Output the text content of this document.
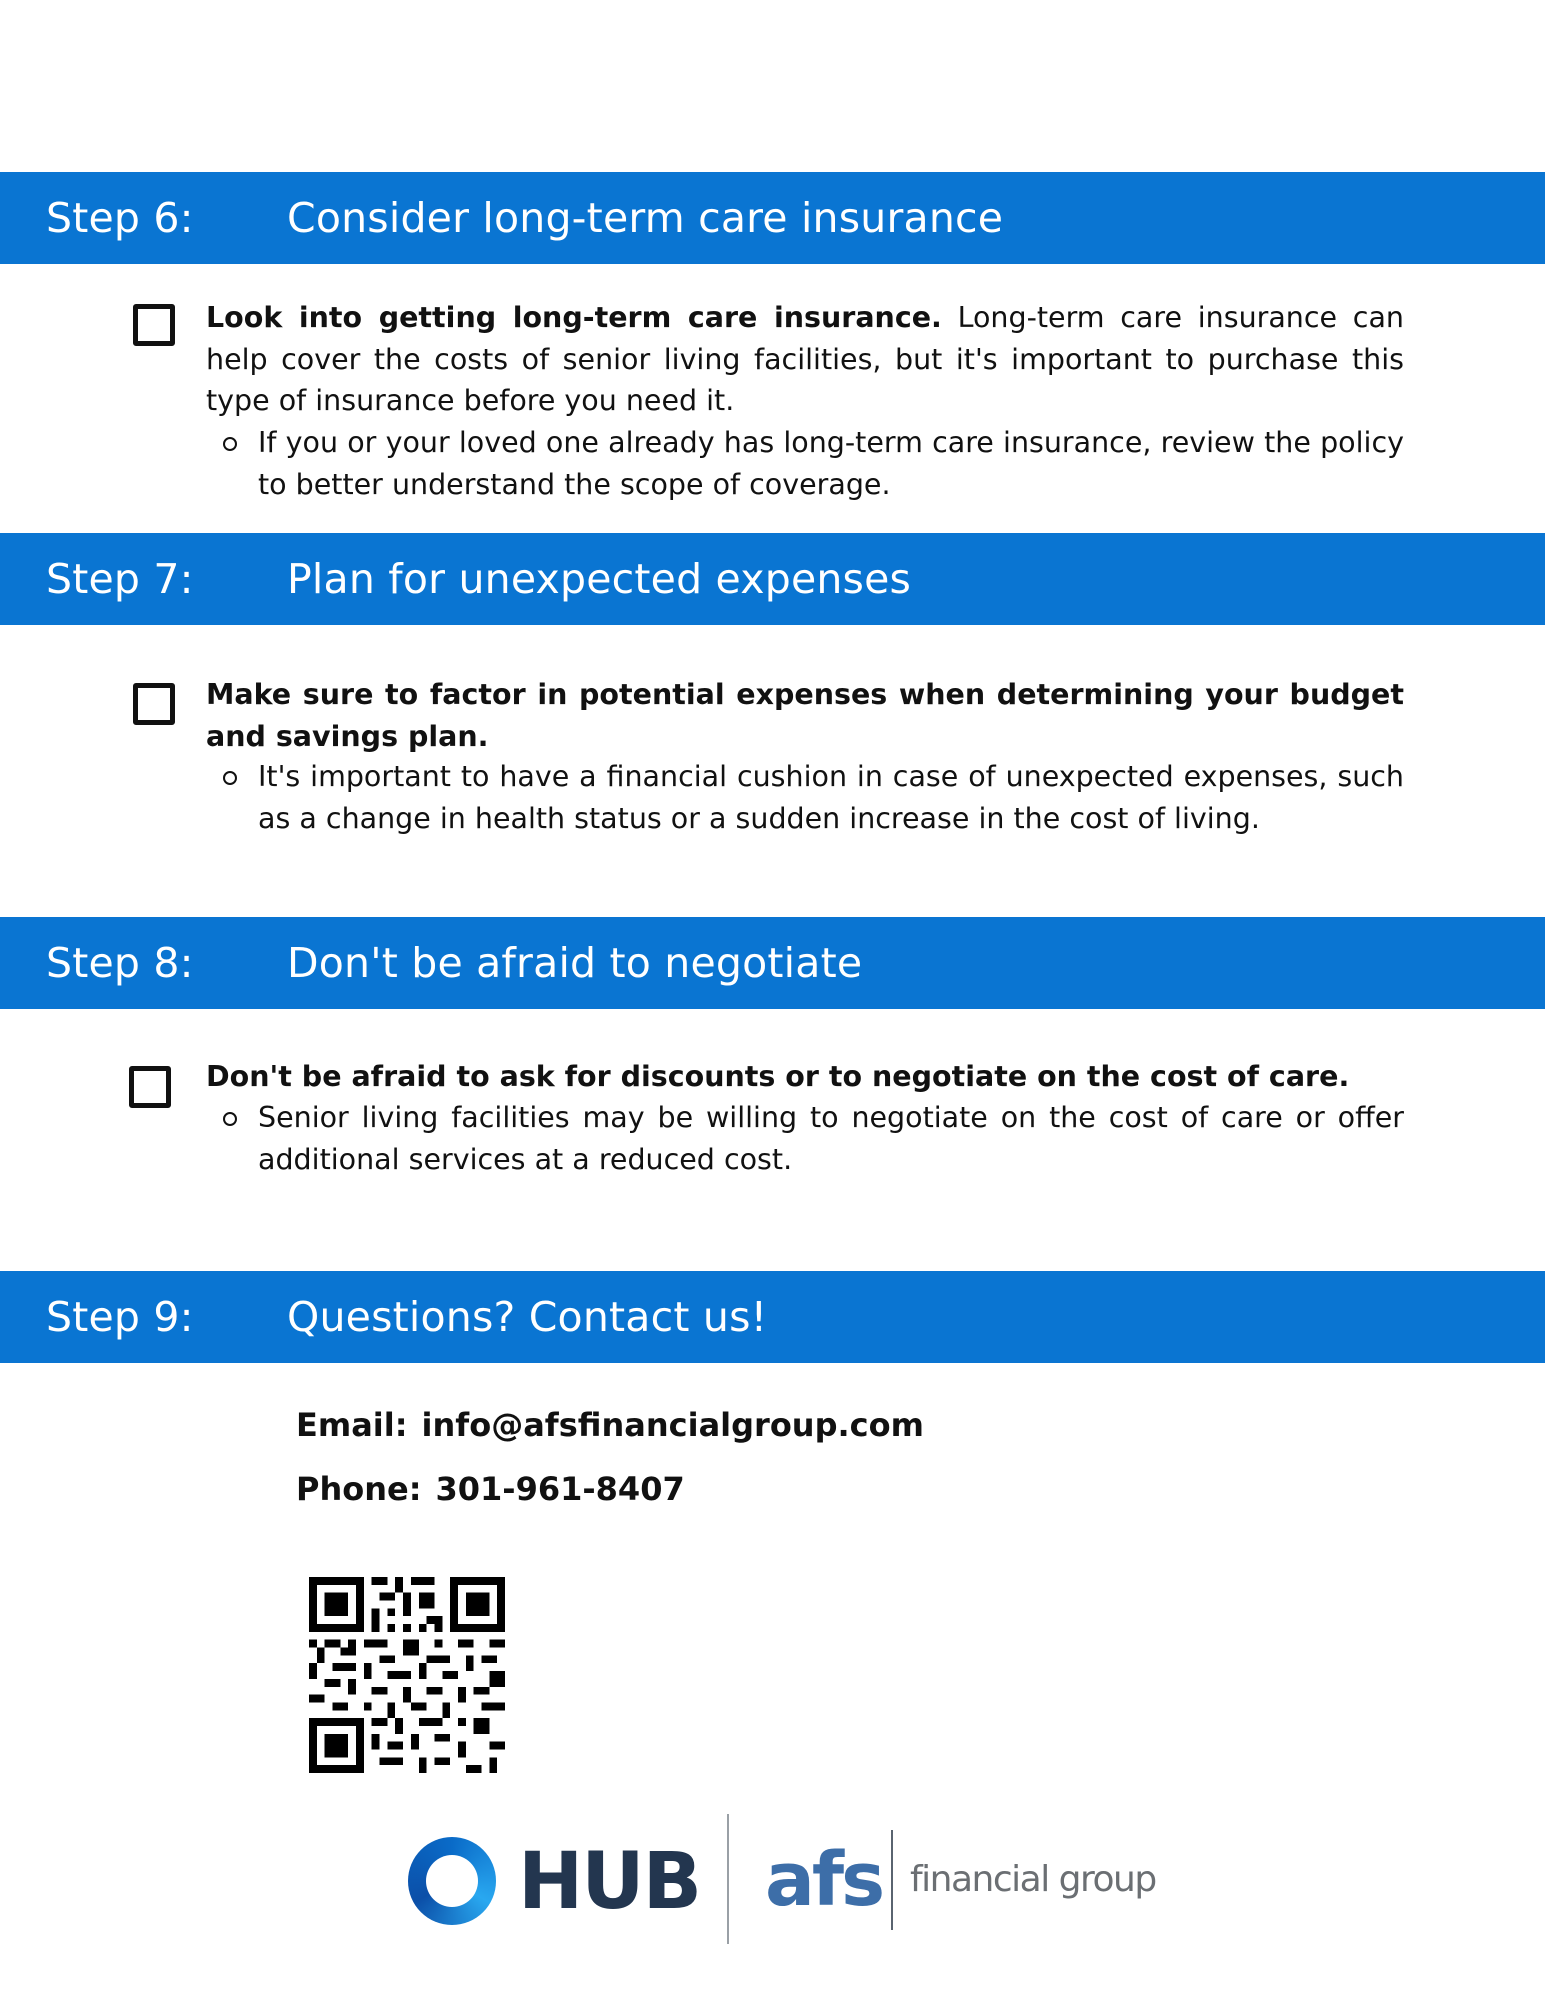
Step 6: Consider long-term care insurance

Look into getting long-term care insurance. Long-term care insurance can help cover the costs of senior living facilities, but it's important to purchase this type of insurance before you need it.

If you or your loved one already has long-term care insurance, review the policy to better understand the scope of coverage.

Step 7: Plan for unexpected expenses

Make sure to factor in potential expenses when determining your budget and savings plan.

It's important to have a financial cushion in case of unexpected expenses, such as a change in health status or a sudden increase in the cost of living.

Step 8: Don't be afraid to negotiate

Don't be afraid to ask for discounts or to negotiate on the cost of care.

Senior living facilities may be willing to negotiate on the cost of care or offer additional services at a reduced cost.

Step 9: Questions? Contact us!
Email: info@afsfinancialgroup.com
Phone: 301-961-8407
HUB afs financial group
